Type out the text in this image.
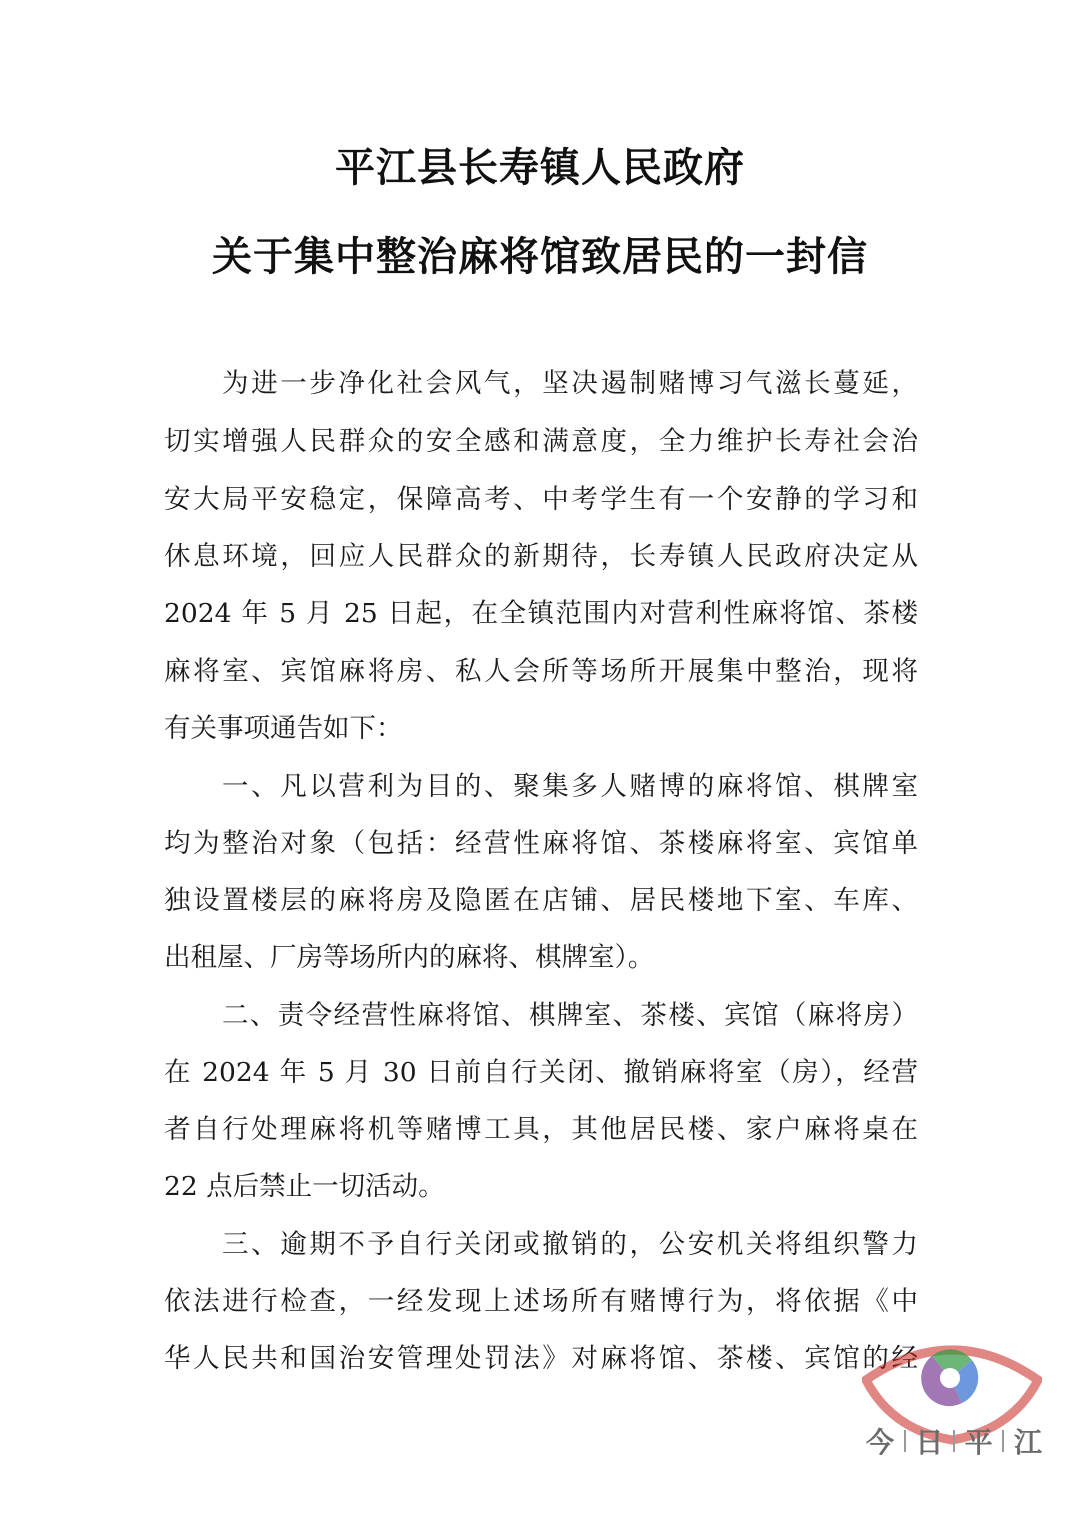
平江县长寿镇人民政府
关于集中整治麻将馆致居民的一封信
为进一步净化社会风气，坚决遏制赌博习气滋长蔓延，
切实增强人民群众的安全感和满意度，全力维护长寿社会治
安大局平安稳定，保障高考、中考学生有一个安静的学习和
休息环境，回应人民群众的新期待，长寿镇人民政府决定从
2024 年 5 月 25 日起，在全镇范围内对营利性麻将馆、茶楼
麻将室、宾馆麻将房、私人会所等场所开展集中整治，现将
有关事项通告如下：
一、凡以营利为目的、聚集多人赌博的麻将馆、棋牌室
均为整治对象（包括：经营性麻将馆、茶楼麻将室、宾馆单
独设置楼层的麻将房及隐匿在店铺、居民楼地下室、车库、
出租屋、厂房等场所内的麻将、棋牌室）。
二、责令经营性麻将馆、棋牌室、茶楼、宾馆（麻将房）
在 2024 年 5 月 30 日前自行关闭、撤销麻将室（房），经营
者自行处理麻将机等赌博工具，其他居民楼、家户麻将桌在
22 点后禁止一切活动。
三、逾期不予自行关闭或撤销的，公安机关将组织警力
依法进行检查，一经发现上述场所有赌博行为，将依据《中
华人民共和国治安管理处罚法》对麻将馆、茶楼、宾馆的经
今 日 平 江
